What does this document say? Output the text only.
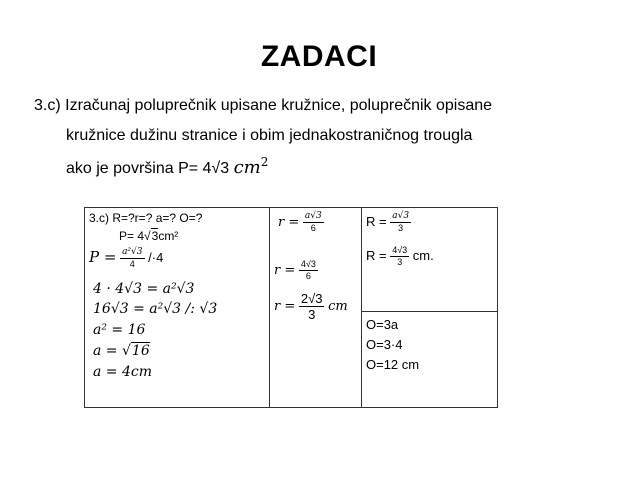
ZADACI
3.c) Izračunaj poluprečnik upisane kružnice, poluprečnik opisane
kružnice dužinu stranice i obim jednakostraničnog trougla
ako je površina P= 4√3 $cm^2$
3.c) R=?r=? a=? O=?
P= 4√3cm²
$P = \frac{\text{a²√3}}{4} /\cdot 4$
4 · 4√3 = a²√3
16√3 = a²√3 /: √3
a² = 16
a = √16
a = 4cm

$r = \frac{a√3}{6}$
$r = \frac{4√3}{6}$
$r = \frac{2√3}{3}$ cm

$R = \frac{a√3}{3}$
$R = \frac{4√3}{3}$ cm.

O=3a
O=3·4
O=12 cm
